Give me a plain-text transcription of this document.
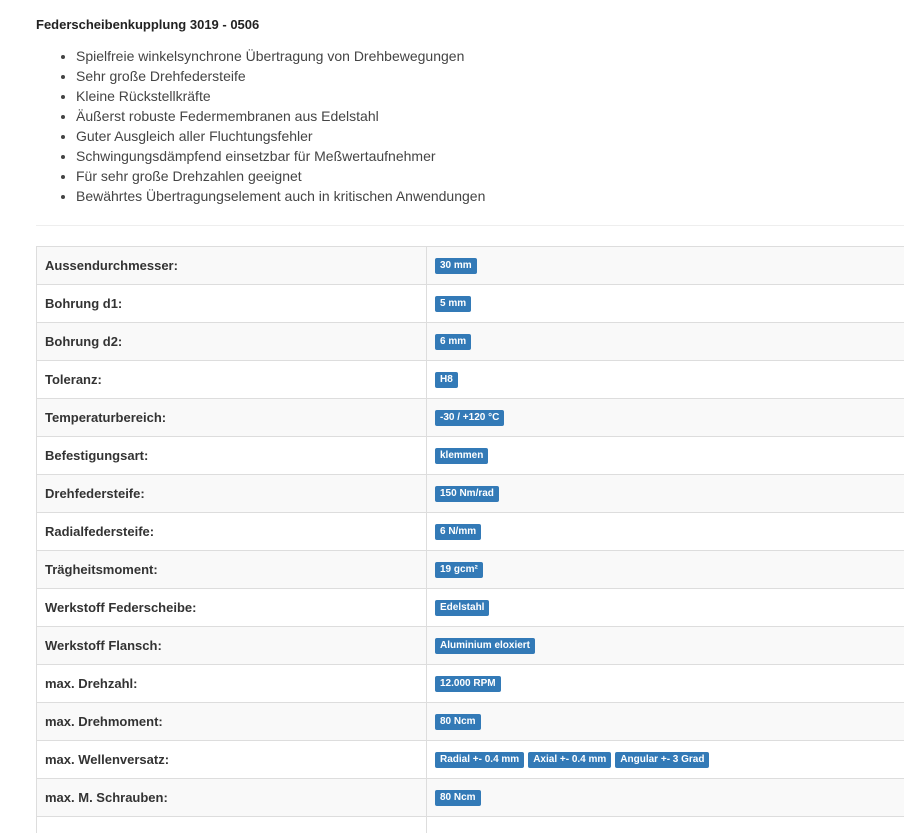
Federscheibenkupplung 3019 - 0506
• Spielfreie winkelsynchrone Übertragung von Drehbewegungen
• Sehr große Drehfedersteife
• Kleine Rückstellkräfte
• Äußerst robuste Federmembranen aus Edelstahl
• Guter Ausgleich aller Fluchtungsfehler
• Schwingungsdämpfend einsetzbar für Meßwertaufnehmer
• Für sehr große Drehzahlen geeignet
• Bewährtes Übertragungselement auch in kritischen Anwendungen
Aussendurchmesser:	30 mm
Bohrung d1:	5 mm
Bohrung d2:	6 mm
Toleranz:	H8
Temperaturbereich:	-30 / +120 °C
Befestigungsart:	klemmen
Drehfedersteife:	150 Nm/rad
Radialfedersteife:	6 N/mm
Trägheitsmoment:	19 gcm²
Werkstoff Federscheibe:	Edelstahl
Werkstoff Flansch:	Aluminium eloxiert
max. Drehzahl:	12.000 RPM
max. Drehmoment:	80 Ncm
max. Wellenversatz:	Radial +- 0.4 mm Axial +- 0.4 mm Angular +- 3 Grad
max. M. Schrauben:	80 Ncm
